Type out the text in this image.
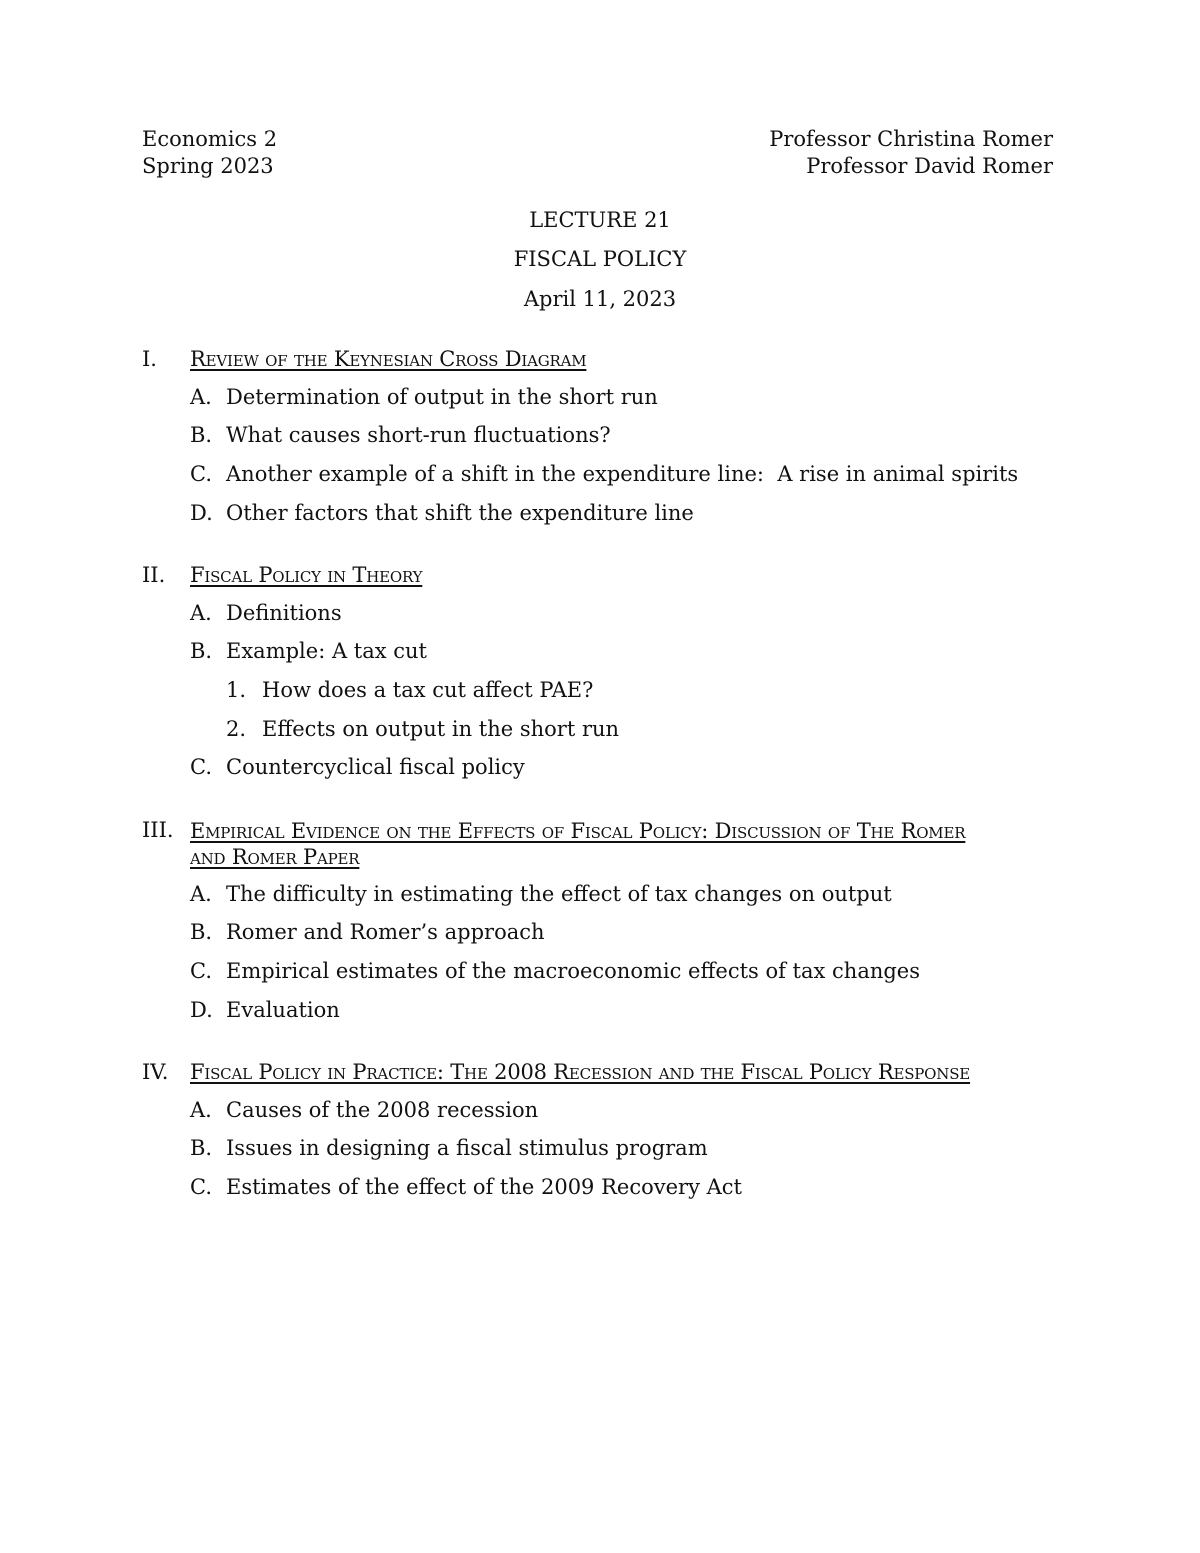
Economics 2
Spring 2023
Professor Christina Romer
Professor David Romer
LECTURE 21
FISCAL POLICY
April 11, 2023
I. Review of the Keynesian Cross Diagram
A. Determination of output in the short run
B. What causes short-run fluctuations?
C. Another example of a shift in the expenditure line:  A rise in animal spirits
D. Other factors that shift the expenditure line
II. Fiscal Policy in Theory
A. Definitions
B. Example: A tax cut
1. How does a tax cut affect PAE?
2. Effects on output in the short run
C. Countercyclical fiscal policy
III. Empirical Evidence on the Effects of Fiscal Policy: Discussion of The Romer and Romer Paper
A. The difficulty in estimating the effect of tax changes on output
B. Romer and Romer’s approach
C. Empirical estimates of the macroeconomic effects of tax changes
D. Evaluation
IV. Fiscal Policy in Practice: The 2008 Recession and the Fiscal Policy Response
A. Causes of the 2008 recession
B. Issues in designing a fiscal stimulus program
C. Estimates of the effect of the 2009 Recovery Act
